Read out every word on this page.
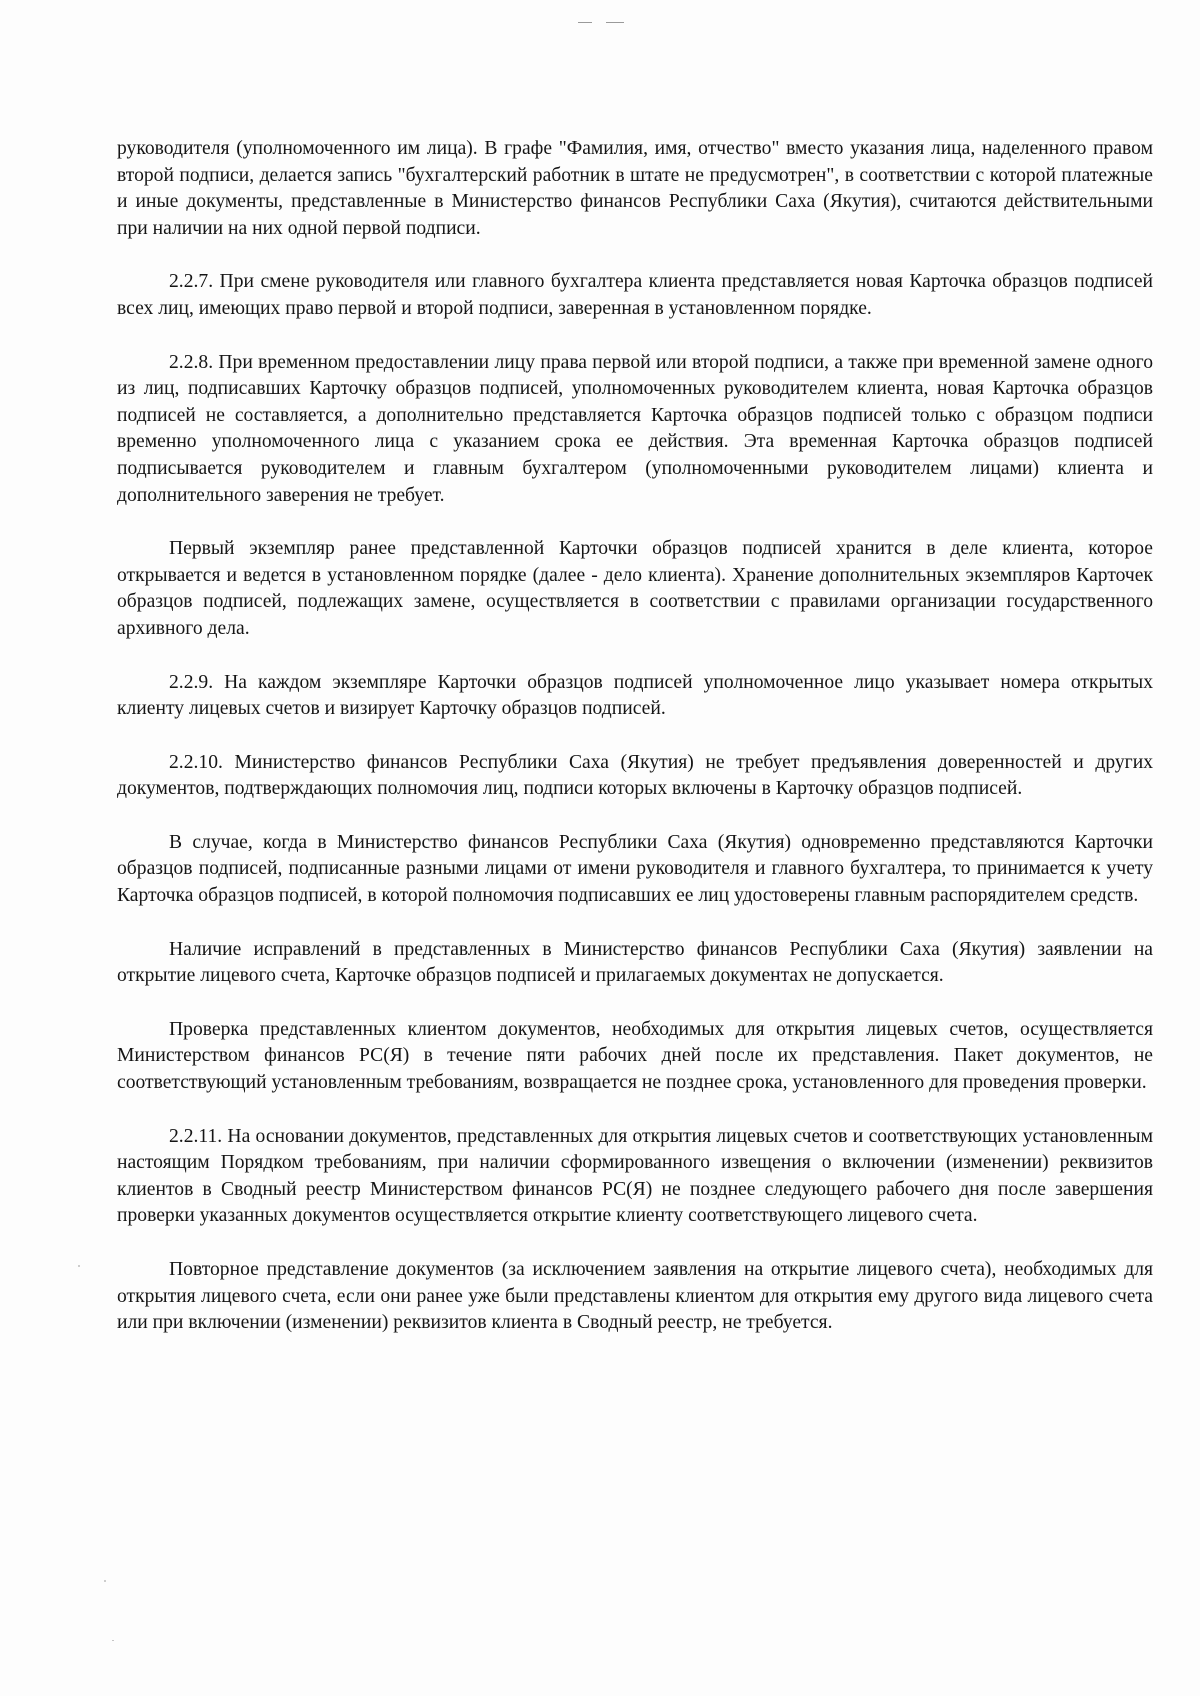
руководителя (уполномоченного им лица). В графе "Фамилия, имя, отчество" вместо указания лица, наделенного правом второй подписи, делается запись "бухгалтерский работник в штате не предусмотрен", в соответствии с которой платежные и иные документы, представленные в Министерство финансов Республики Саха (Якутия), считаются действительными при наличии на них одной первой подписи.

2.2.7. При смене руководителя или главного бухгалтера клиента представляется новая Карточка образцов подписей всех лиц, имеющих право первой и второй подписи, заверенная в установленном порядке.

2.2.8. При временном предоставлении лицу права первой или второй подписи, а также при временной замене одного из лиц, подписавших Карточку образцов подписей, уполномоченных руководителем клиента, новая Карточка образцов подписей не составляется, а дополнительно представляется Карточка образцов подписей только с образцом подписи временно уполномоченного лица с указанием срока ее действия. Эта временная Карточка образцов подписей подписывается руководителем и главным бухгалтером (уполномоченными руководителем лицами) клиента и дополнительного заверения не требует.

Первый экземпляр ранее представленной Карточки образцов подписей хранится в деле клиента, которое открывается и ведется в установленном порядке (далее - дело клиента). Хранение дополнительных экземпляров Карточек образцов подписей, подлежащих замене, осуществляется в соответствии с правилами организации государственного архивного дела.

2.2.9. На каждом экземпляре Карточки образцов подписей уполномоченное лицо указывает номера открытых клиенту лицевых счетов и визирует Карточку образцов подписей.

2.2.10. Министерство финансов Республики Саха (Якутия) не требует предъявления доверенностей и других документов, подтверждающих полномочия лиц, подписи которых включены в Карточку образцов подписей.

В случае, когда в Министерство финансов Республики Саха (Якутия) одновременно представляются Карточки образцов подписей, подписанные разными лицами от имени руководителя и главного бухгалтера, то принимается к учету Карточка образцов подписей, в которой полномочия подписавших ее лиц удостоверены главным распорядителем средств.

Наличие исправлений в представленных в Министерство финансов Республики Саха (Якутия) заявлении на открытие лицевого счета, Карточке образцов подписей и прилагаемых документах не допускается.

Проверка представленных клиентом документов, необходимых для открытия лицевых счетов, осуществляется Министерством финансов РС(Я) в течение пяти рабочих дней после их представления. Пакет документов, не соответствующий установленным требованиям, возвращается не позднее срока, установленного для проведения проверки.

2.2.11. На основании документов, представленных для открытия лицевых счетов и соответствующих установленным настоящим Порядком требованиям, при наличии сформированного извещения о включении (изменении) реквизитов клиентов в Сводный реестр Министерством финансов РС(Я) не позднее следующего рабочего дня после завершения проверки указанных документов осуществляется открытие клиенту соответствующего лицевого счета.

Повторное представление документов (за исключением заявления на открытие лицевого счета), необходимых для открытия лицевого счета, если они ранее уже были представлены клиентом для открытия ему другого вида лицевого счета или при включении (изменении) реквизитов клиента в Сводный реестр, не требуется.
